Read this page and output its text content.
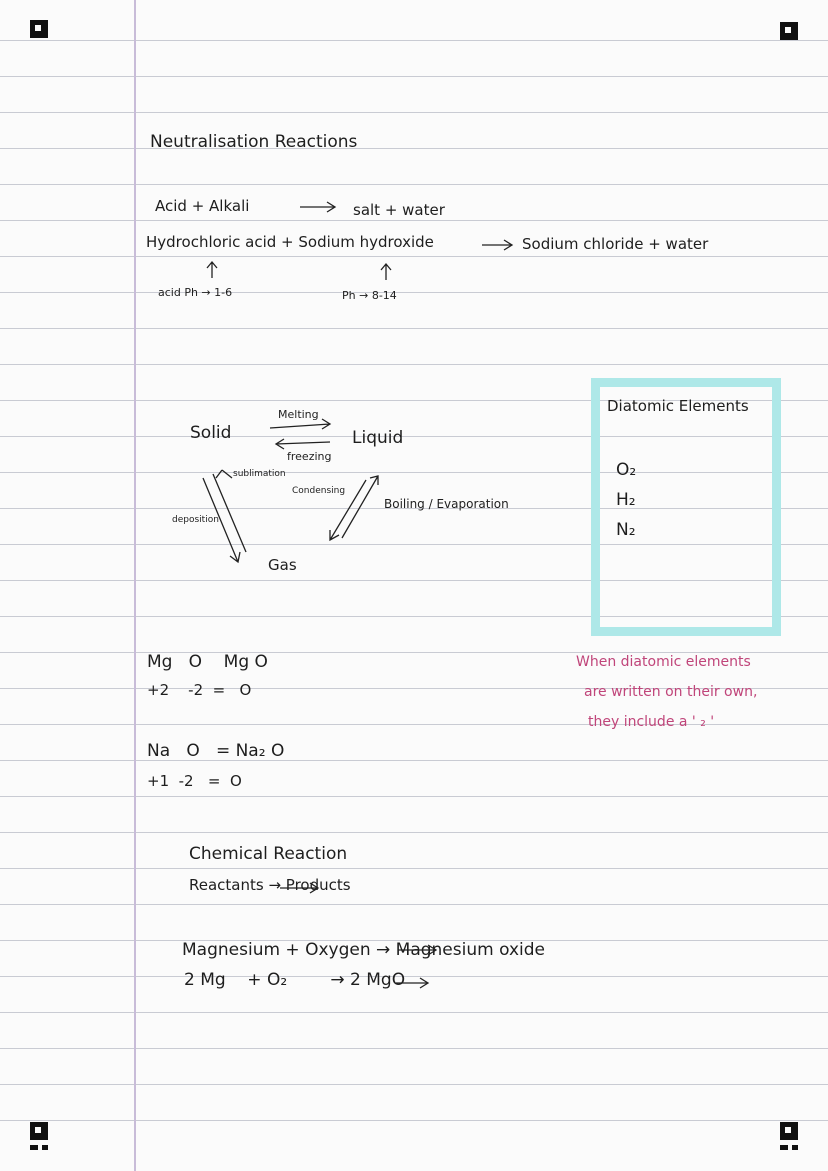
Neutralisation Reactions
Acid + Alkali	salt + water
Hydrochloric acid + Sodium hydroxide	Sodium chloride + water
acid Ph → 1-6	Ph → 8-14
Solid	Liquid
Gas
Melting
freezing
sublimation
Condensing
deposition
Boiling / Evaporation
Diatomic Elements
O₂
H₂
N₂
When diatomic elements
are written on their own,
they include a ' ₂ '
Mg   O    Mg O
+2    -2  =   O
Na   O   = Na₂ O
+1  -2   =  O
Chemical Reaction
Reactants → Products
Magnesium + Oxygen → Magnesium oxide
2 Mg    + O₂        → 2 MgO
